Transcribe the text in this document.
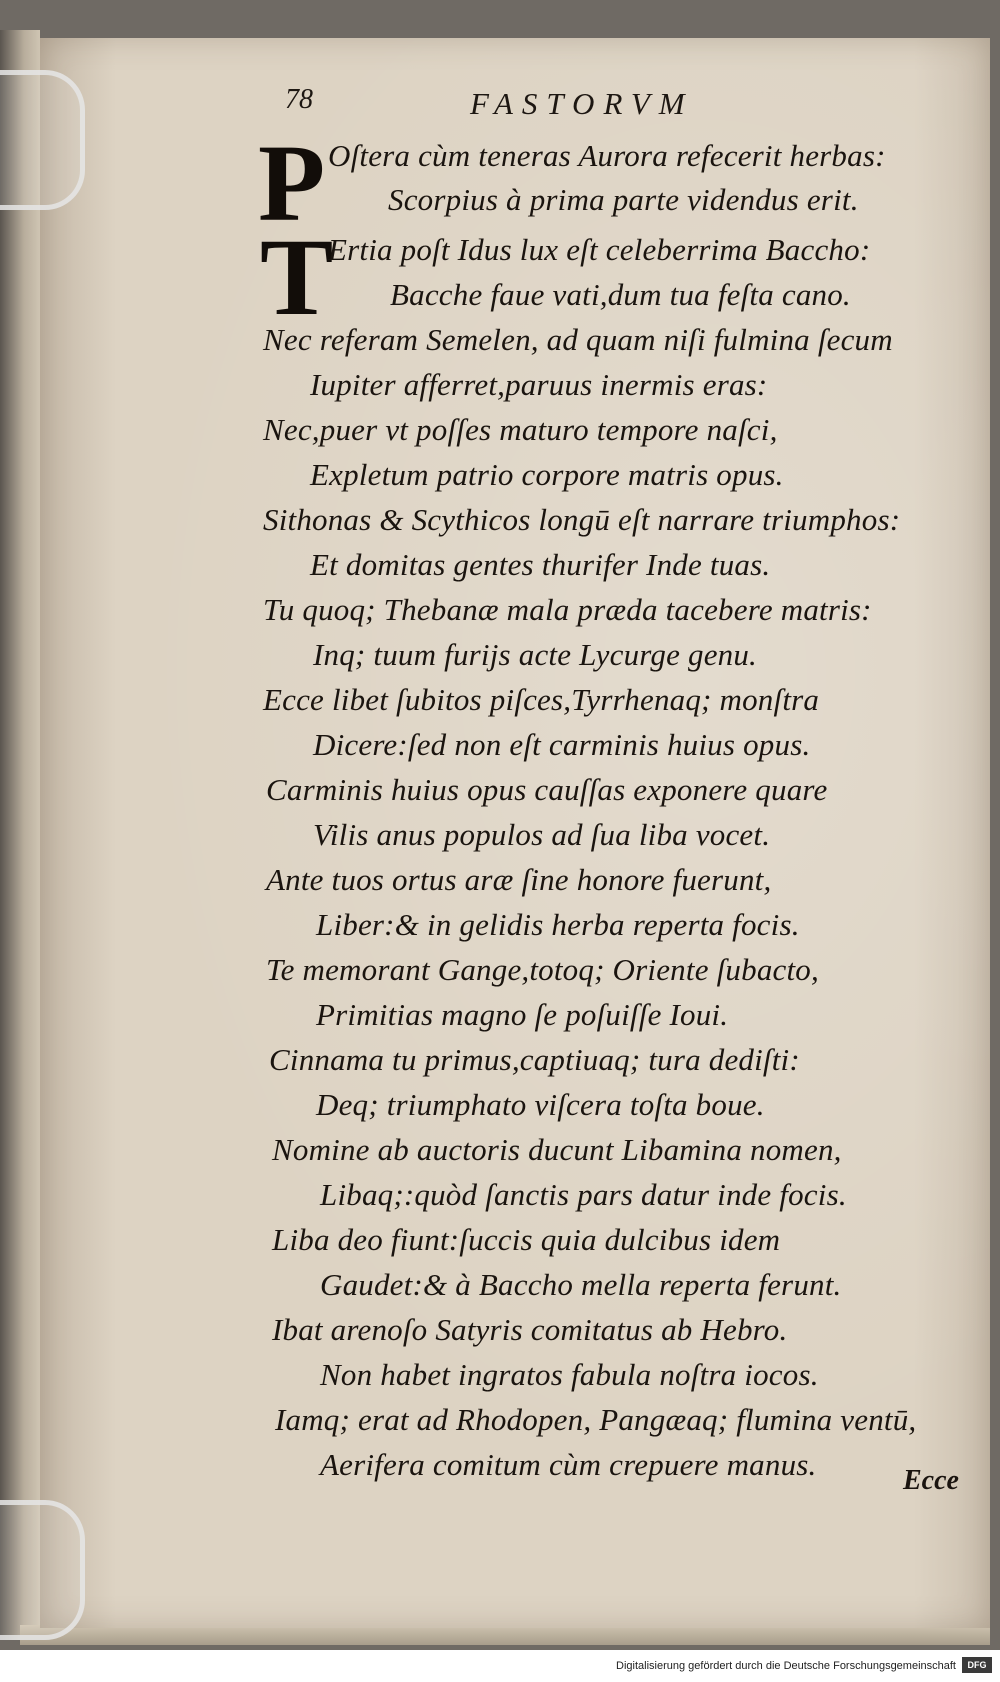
78	FASTORVM
P Oſtera cùm teneras Aurora refecerit herbas:
Scorpius à prima parte videndus erit.
T
Ertia poſt Idus lux eſt celeberrima Baccho:
Bacche faue vati,dum tua feſta cano.
Nec referam Semelen, ad quam niſi fulmina ſecum
Iupiter afferret,paruus inermis eras:
Nec,puer vt poſſes maturo tempore naſci,
Expletum patrio corpore matris opus.
Sithonas & Scythicos longū eſt narrare triumphos:
Et domitas gentes thurifer Inde tuas.
Tu quoq; Thebanæ mala præda tacebere matris:
Inq; tuum furijs acte Lycurge genu.
Ecce libet ſubitos piſces,Tyrrhenaq; monſtra
Dicere:ſed non eſt carminis huius opus.
Carminis huius opus cauſſas exponere quare
Vilis anus populos ad ſua liba vocet.
Ante tuos ortus aræ ſine honore fuerunt,
Liber:& in gelidis herba reperta focis.
Te memorant Gange,totoq; Oriente ſubacto,
Primitias magno ſe poſuiſſe Ioui.
Cinnama tu primus,captiuaq; tura dediſti:
Deq; triumphato viſcera toſta boue.
Nomine ab auctoris ducunt Libamina nomen,
Libaq;:quòd ſanctis pars datur inde focis.
Liba deo fiunt:ſuccis quia dulcibus idem
Gaudet:& à Baccho mella reperta ferunt.
Ibat arenoſo Satyris comitatus ab Hebro.
Non habet ingratos fabula noſtra iocos.
Iamq; erat ad Rhodopen, Pangæaq; flumina ventū,
Aerifera comitum cùm crepuere manus.	Ecce
Digitalisierung gefördert durch die Deutsche Forschungsgemeinschaft	DFG
